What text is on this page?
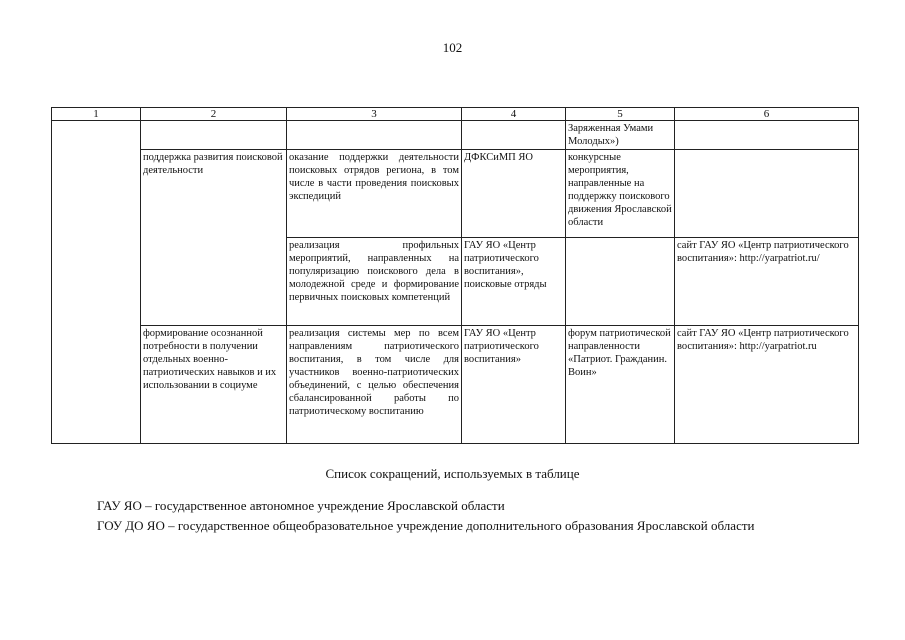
102
1	2	3	4	5	6
				Заряженная Умами Молодых»)	
	поддержка развития поисковой деятельности	оказание поддержки деятельности поисковых отрядов региона, в том числе в части проведения поисковых экспедиций	ДФКСиМП ЯО	конкурсные мероприятия, направленные на поддержку поискового движения Ярославской области	
		реализация профильных мероприятий, направленных на популяризацию поискового дела в молодежной среде и формирование первичных поисковых компетенций	ГАУ ЯО «Центр патриотического воспитания», поисковые отряды		сайт ГАУ ЯО «Центр патриотического воспитания»: http://yarpatriot.ru/
	формирование осознанной потребности в получении отдельных военно-патриотических навыков и их использовании в социуме	реализация системы мер по всем направлениям патриотического воспитания, в том числе для участников военно-патриотических объединений, с целью обеспечения сбалансированной работы по патриотическому воспитанию	ГАУ ЯО «Центр патриотического воспитания»	форум патриотической направленности «Патриот. Гражданин. Воин»	сайт ГАУ ЯО «Центр патриотического воспитания»: http://yarpatriot.ru
Список сокращений, используемых в таблице
ГАУ ЯО – государственное автономное учреждение Ярославской области
ГОУ ДО ЯО – государственное общеобразовательное учреждение дополнительного образования Ярославской области
